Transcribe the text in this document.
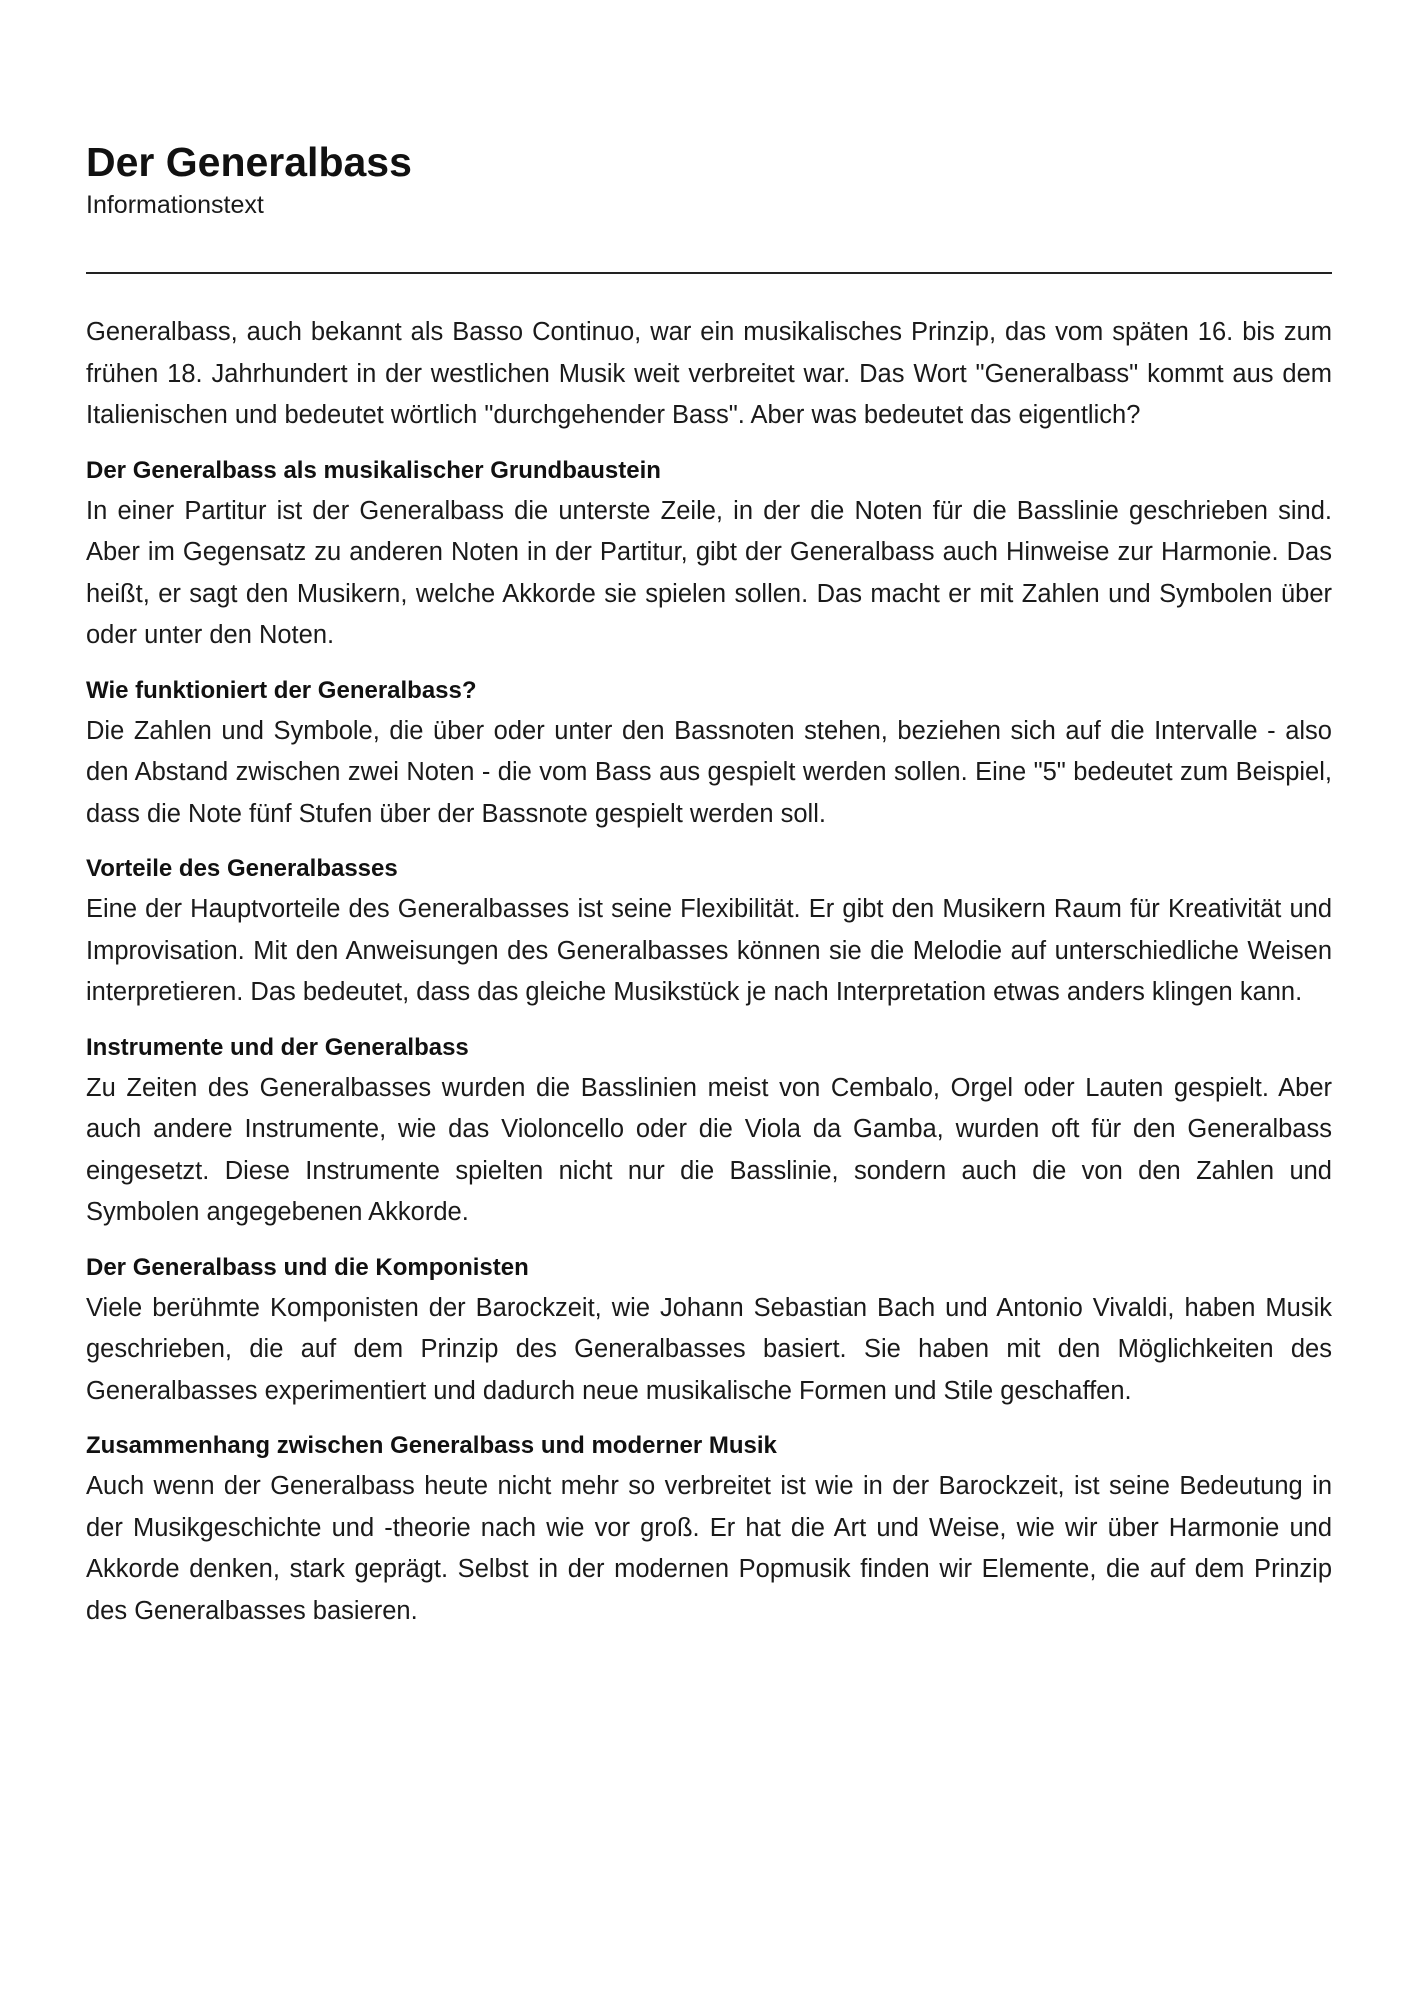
Der Generalbass

Informationstext

Generalbass, auch bekannt als Basso Continuo, war ein musikalisches Prinzip, das vom späten 16. bis zum frühen 18. Jahrhundert in der westlichen Musik weit verbreitet war. Das Wort "Generalbass" kommt aus dem Italienischen und bedeutet wörtlich "durchgehender Bass". Aber was bedeutet das eigentlich?

Der Generalbass als musikalischer Grundbaustein

In einer Partitur ist der Generalbass die unterste Zeile, in der die Noten für die Basslinie geschrieben sind. Aber im Gegensatz zu anderen Noten in der Partitur, gibt der Generalbass auch Hinweise zur Harmonie. Das heißt, er sagt den Musikern, welche Akkorde sie spielen sollen. Das macht er mit Zahlen und Symbolen über oder unter den Noten.

Wie funktioniert der Generalbass?

Die Zahlen und Symbole, die über oder unter den Bassnoten stehen, beziehen sich auf die Intervalle - also den Abstand zwischen zwei Noten - die vom Bass aus gespielt werden sollen. Eine "5" bedeutet zum Beispiel, dass die Note fünf Stufen über der Bassnote gespielt werden soll.

Vorteile des Generalbasses

Eine der Hauptvorteile des Generalbasses ist seine Flexibilität. Er gibt den Musikern Raum für Kreativität und Improvisation. Mit den Anweisungen des Generalbasses können sie die Melodie auf unterschiedliche Weisen interpretieren. Das bedeutet, dass das gleiche Musikstück je nach Interpretation etwas anders klingen kann.

Instrumente und der Generalbass

Zu Zeiten des Generalbasses wurden die Basslinien meist von Cembalo, Orgel oder Lauten gespielt. Aber auch andere Instrumente, wie das Violoncello oder die Viola da Gamba, wurden oft für den Generalbass eingesetzt. Diese Instrumente spielten nicht nur die Basslinie, sondern auch die von den Zahlen und Symbolen angegebenen Akkorde.

Der Generalbass und die Komponisten

Viele berühmte Komponisten der Barockzeit, wie Johann Sebastian Bach und Antonio Vivaldi, haben Musik geschrieben, die auf dem Prinzip des Generalbasses basiert. Sie haben mit den Möglichkeiten des Generalbasses experimentiert und dadurch neue musikalische Formen und Stile geschaffen.

Zusammenhang zwischen Generalbass und moderner Musik

Auch wenn der Generalbass heute nicht mehr so verbreitet ist wie in der Barockzeit, ist seine Bedeutung in der Musikgeschichte und -theorie nach wie vor groß. Er hat die Art und Weise, wie wir über Harmonie und Akkorde denken, stark geprägt. Selbst in der modernen Popmusik finden wir Elemente, die auf dem Prinzip des Generalbasses basieren.
